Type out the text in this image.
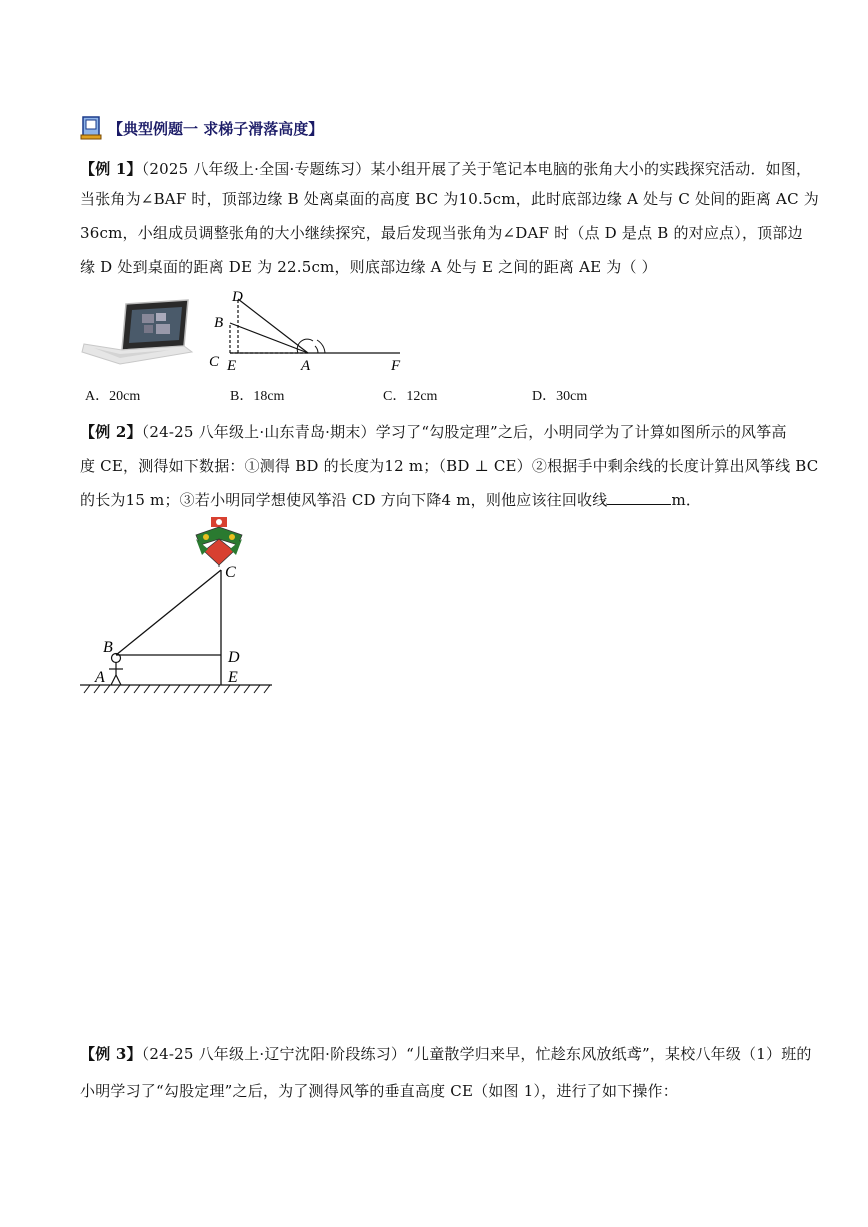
【典型例题一 求梯子滑落高度】
【例 1】（2025 八年级上·全国·专题练习）某小组开展了关于笔记本电脑的张角大小的实践探究活动．如图，
当张角为∠BAF 时，顶部边缘 B 处离桌面的高度 BC 为10.5cm，此时底部边缘 A 处与 C 处间的距离 AC 为
36cm，小组成员调整张角的大小继续探究，最后发现当张角为∠DAF 时（点 D 是点 B 的对应点），顶部边
缘 D 处到桌面的距离 DE 为 22.5cm，则底部边缘 A 处与 E 之间的距离 AE 为（ ）
D
B
C E	A	F
A．20cm	B．18cm	C．12cm	D．30cm
【例 2】（24-25 八年级上·山东青岛·期末）学习了“勾股定理”之后，小明同学为了计算如图所示的风筝高
度 CE，测得如下数据：①测得 BD 的长度为12 m；（BD ⊥ CE）②根据手中剩余线的长度计算出风筝线 BC
的长为15 m；③若小明同学想使风筝沿 CD 方向下降4 m，则他应该往回收线	m．
C
B
D
A	E
【例 3】（24-25 八年级上·辽宁沈阳·阶段练习）“儿童散学归来早，忙趁东风放纸鸢”，某校八年级（1）班的
小明学习了“勾股定理”之后，为了测得风筝的垂直高度 CE（如图 1），进行了如下操作：
